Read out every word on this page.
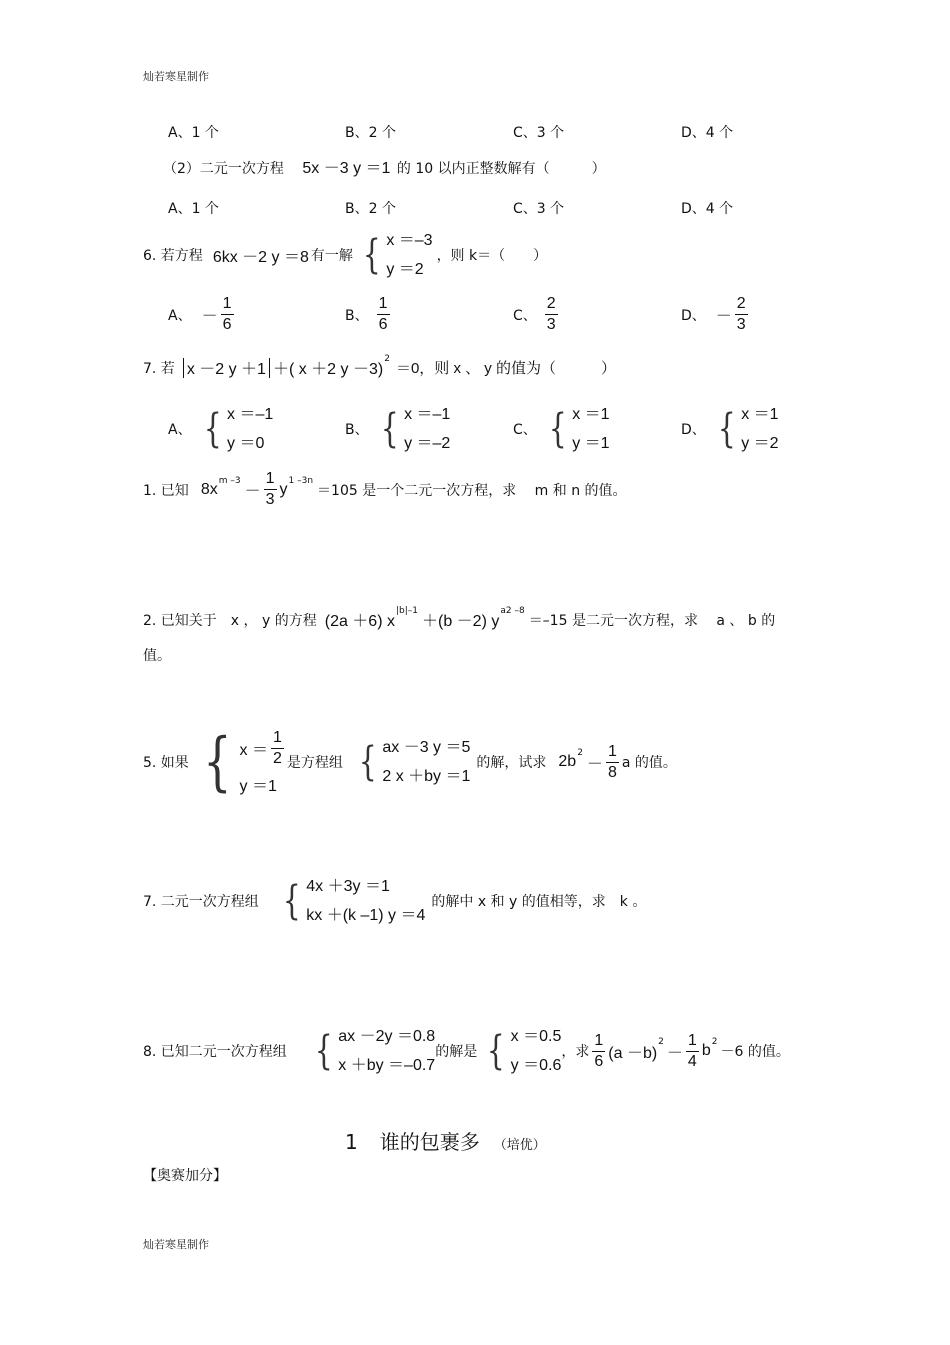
灿若寒星制作
A、1 个	B、2 个	C、3 个	D、4 个
（2）二元一次方程 5x －3 y ＝1 的 10 以内正整数解有（　　　）
A、1 个	B、2 个	C、3 个	D、4 个
6. 若方程 6kx －2 y ＝8 有一解 { x ＝–3
y ＝2
，则 k＝（　　）
A、 － $\frac{1}{6}$	B、 $\frac{1}{6}$	C、 $\frac{2}{3}$	D、 － $\frac{2}{3}$
7. 若 x －2 y ＋1 ＋( x ＋2 y －3)
2
＝0，则 x 、 y 的值为（　　　）
A、 { x ＝–1
y ＝0
B、 { x ＝–1
y ＝–2
C、 { x ＝1
y ＝1
D、 { x ＝1
y ＝2
1. 已知 8x m –3
－ $\frac{1}{3}$ y 1 –3n
＝105 是一个二元一次方程，求　 m 和 n 的值。
2. 已知关于　x ， y 的方程 (2a ＋6) x
|b|–1
＋(b －2) y
a2 –8
＝–15 是二元一次方程，求　 a 、 b 的
值。
5. 如果 { $x = \frac{1}{2}$
y ＝1
是方程组 { ax －3 y ＝5
2 x ＋by ＝1
的解，试求 2b 2
－ $\frac{1}{8}$ a 的值。
7. 二元一次方程组 { 4x ＋3y ＝1
kx ＋(k –1) y ＝4
的解中 x 和 y 的值相等，求　k 。
8. 已知二元一次方程组 { ax －2y ＝0.8
x ＋by ＝–0.7
的解是 { x ＝0.5
y ＝0.6
，求 $\frac{1}{6} (a -b)$
2
－ $\frac{1}{4}$ b 2
－6 的值。
1 谁的包裹多 （培优）
【奥赛加分】
灿若寒星制作
